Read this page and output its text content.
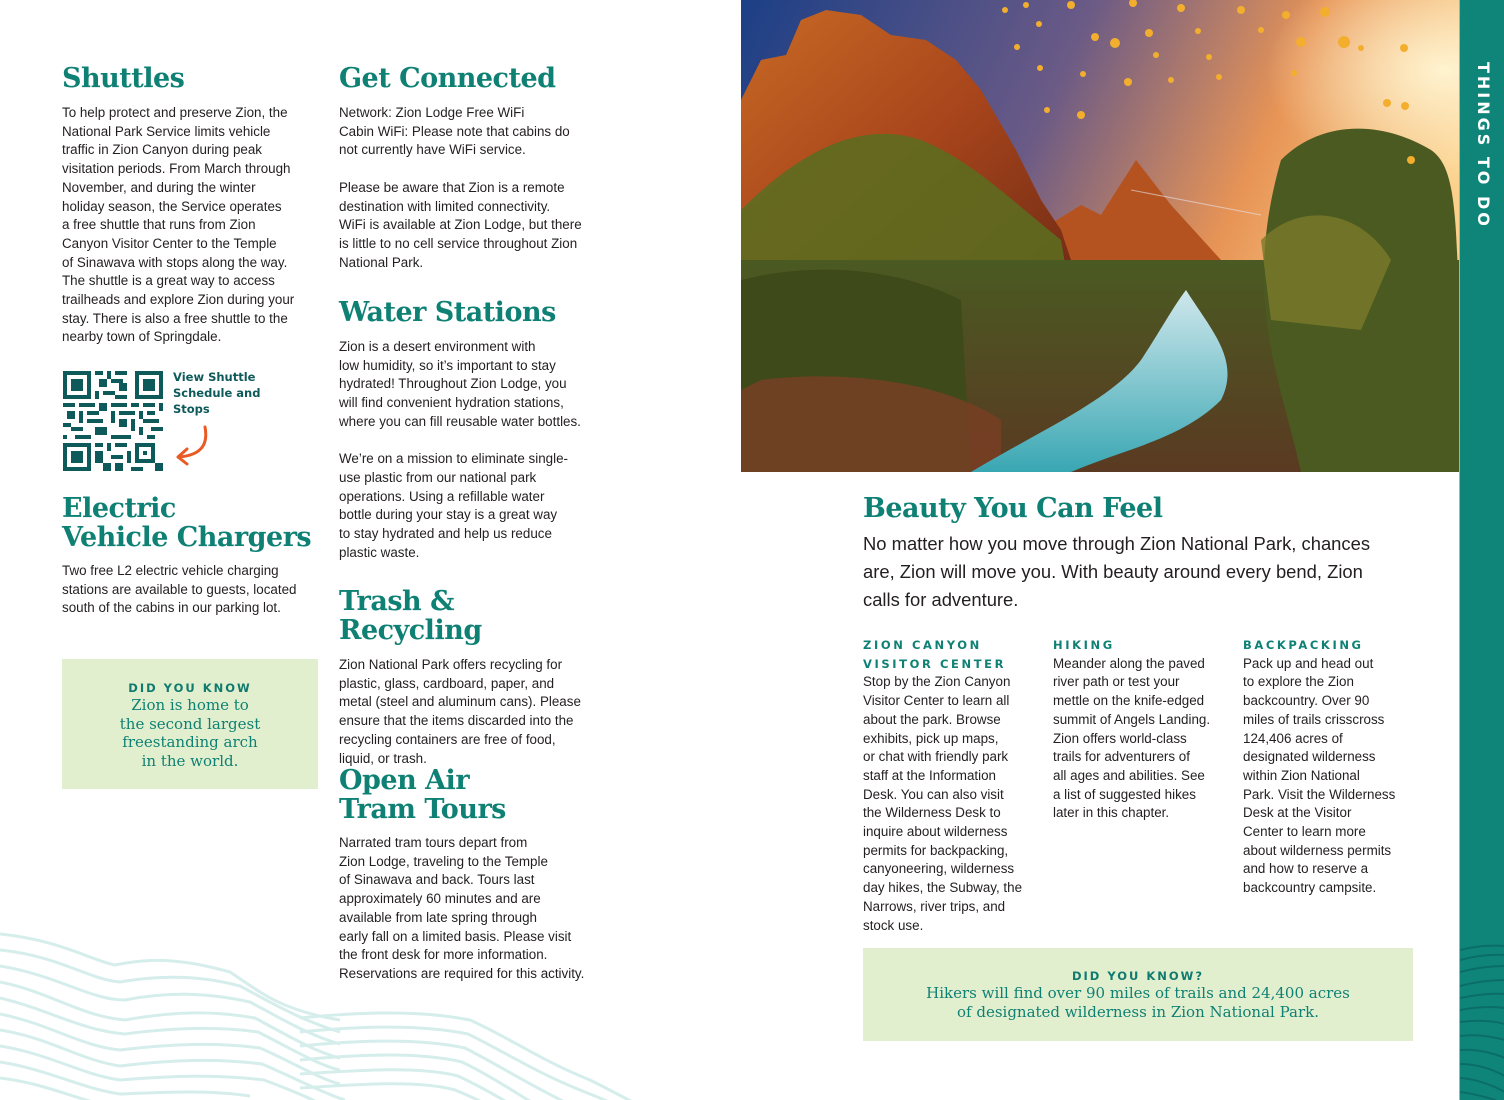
Shuttles

To help protect and preserve Zion, the
National Park Service limits vehicle
traffic in Zion Canyon during peak
visitation periods. From March through
November, and during the winter
holiday season, the Service operates
a free shuttle that runs from Zion
Canyon Visitor Center to the Temple
of Sinawava with stops along the way.
The shuttle is a great way to access
trailheads and explore Zion during your
stay. There is also a free shuttle to the
nearby town of Springdale.

View Shuttle
Schedule and
Stops
Electric
Vehicle Chargers

Two free L2 electric vehicle charging
stations are available to guests, located
south of the cabins in our parking lot.

DID YOU KNOW
Zion is home to
the second largest
freestanding arch
in the world.
Get Connected

Network: Zion Lodge Free WiFi
Cabin WiFi: Please note that cabins do
not currently have WiFi service.

Please be aware that Zion is a remote
destination with limited connectivity.
WiFi is available at Zion Lodge, but there
is little to no cell service throughout Zion
National Park.

Water Stations

Zion is a desert environment with
low humidity, so it’s important to stay
hydrated! Throughout Zion Lodge, you
will find convenient hydration stations,
where you can fill reusable water bottles.

We’re on a mission to eliminate single-
use plastic from our national park
operations. Using a refillable water
bottle during your stay is a great way
to stay hydrated and help us reduce
plastic waste.

Trash & Recycling

Zion National Park offers recycling for
plastic, glass, cardboard, paper, and
metal (steel and aluminum cans). Please
ensure that the items discarded into the
recycling containers are free of food,
liquid, or trash.

Open Air
Tram Tours

Narrated tram tours depart from
Zion Lodge, traveling to the Temple
of Sinawava and back. Tours last
approximately 60 minutes and are
available from late spring through
early fall on a limited basis. Please visit
the front desk for more information.
Reservations are required for this activity.

Beauty You Can Feel

No matter how you move through Zion National Park, chances
are, Zion will move you. With beauty around every bend, Zion
calls for adventure.

ZION CANYON
VISITOR CENTER

Stop by the Zion Canyon
Visitor Center to learn all
about the park. Browse
exhibits, pick up maps,
or chat with friendly park
staff at the Information
Desk. You can also visit
the Wilderness Desk to
inquire about wilderness
permits for backpacking,
canyoneering, wilderness
day hikes, the Subway, the
Narrows, river trips, and
stock use.

HIKING

Meander along the paved
river path or test your
mettle on the knife-edged
summit of Angels Landing.
Zion offers world-class
trails for adventurers of
all ages and abilities. See
a list of suggested hikes
later in this chapter.

BACKPACKING

Pack up and head out
to explore the Zion
backcountry. Over 90
miles of trails crisscross
124,406 acres of
designated wilderness
within Zion National
Park. Visit the Wilderness
Desk at the Visitor
Center to learn more
about wilderness permits
and how to reserve a
backcountry campsite.

DID YOU KNOW?
Hikers will find over 90 miles of trails and 24,400 acres
of designated wilderness in Zion National Park.
THINGS TO DO
